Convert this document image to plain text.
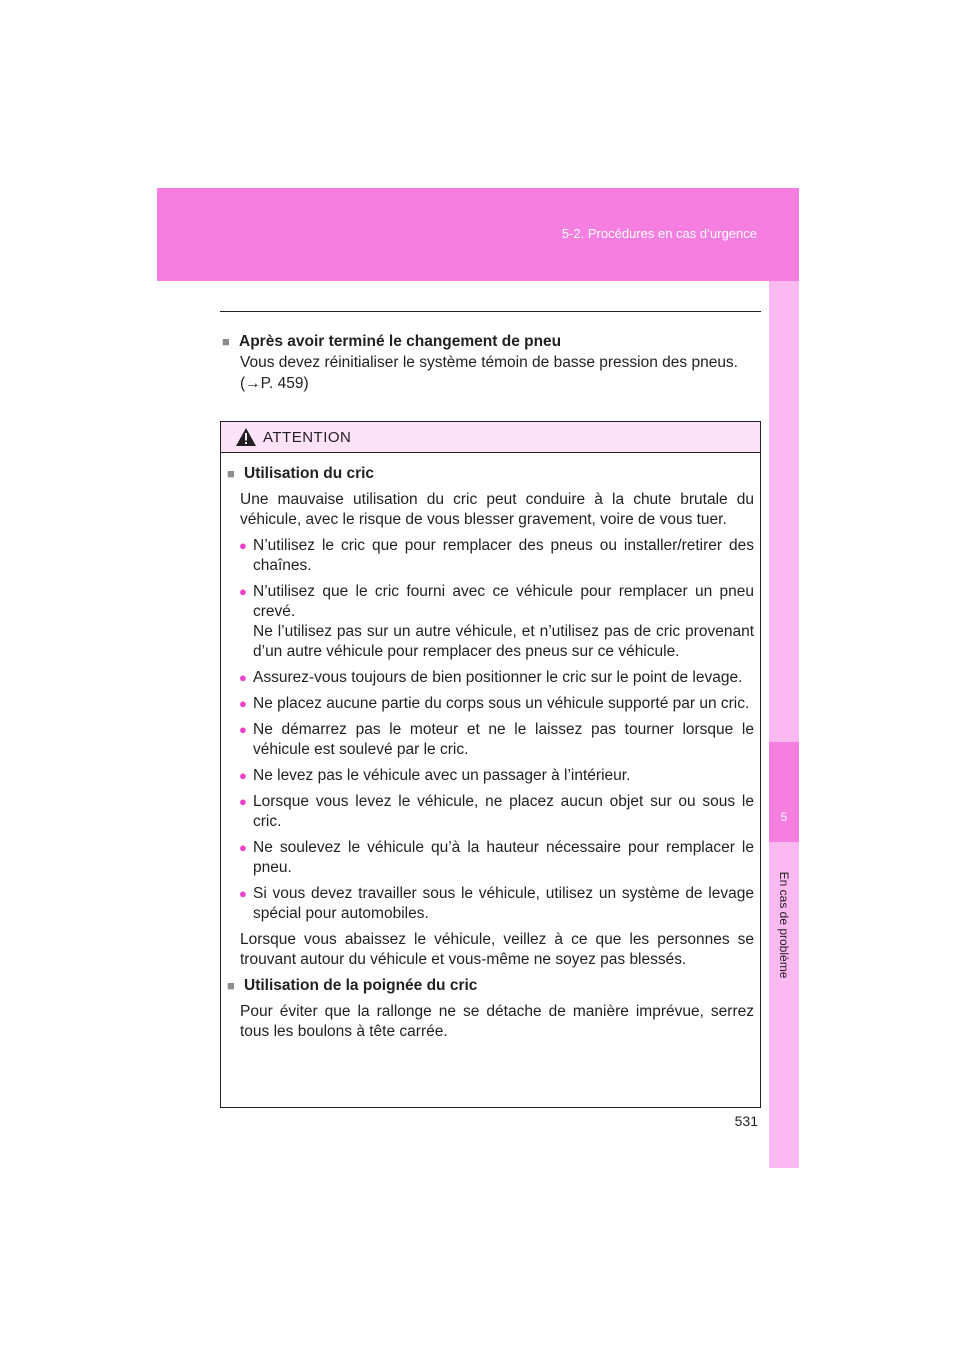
5-2. Procédures en cas d’urgence
5
En cas de problème
■ Après avoir terminé le changement de pneu

Vous devez réinitialiser le système témoin de basse pression des pneus.

(→P. 459)

ATTENTION

■ Utilisation du cric

Une mauvaise utilisation du cric peut conduire à la chute brutale du véhicule, avec le risque de vous blesser gravement, voire de vous tuer.

● N’utilisez le cric que pour remplacer des pneus ou installer/retirer des chaînes.

● N’utilisez que le cric fourni avec ce véhicule pour remplacer un pneu crevé.
Ne l’utilisez pas sur un autre véhicule, et n’utilisez pas de cric provenant d’un autre véhicule pour remplacer des pneus sur ce véhicule.

● Assurez-vous toujours de bien positionner le cric sur le point de levage.

● Ne placez aucune partie du corps sous un véhicule supporté par un cric.

● Ne démarrez pas le moteur et ne le laissez pas tourner lorsque le véhicule est soulevé par le cric.

● Ne levez pas le véhicule avec un passager à l’intérieur.

● Lorsque vous levez le véhicule, ne placez aucun objet sur ou sous le cric.

● Ne soulevez le véhicule qu’à la hauteur nécessaire pour remplacer le pneu.

● Si vous devez travailler sous le véhicule, utilisez un système de levage spécial pour automobiles.

Lorsque vous abaissez le véhicule, veillez à ce que les personnes se trouvant autour du véhicule et vous-même ne soyez pas blessés.

■ Utilisation de la poignée du cric

Pour éviter que la rallonge ne se détache de manière imprévue, serrez tous les boulons à tête carrée.

531
